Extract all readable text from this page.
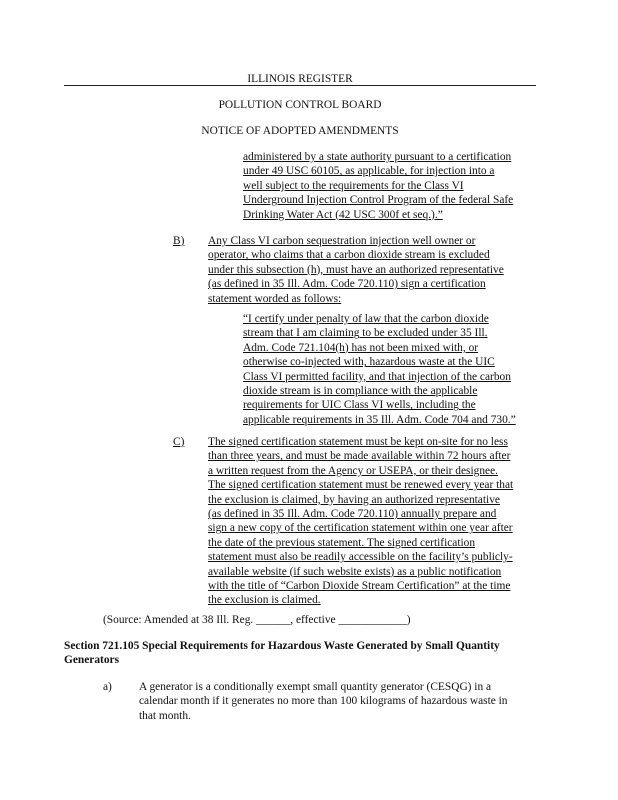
ILLINOIS REGISTER
POLLUTION CONTROL BOARD
NOTICE OF ADOPTED AMENDMENTS
administered by a state authority pursuant to a certification
under 49 USC 60105, as applicable, for injection into a
well subject to the requirements for the Class VI
Underground Injection Control Program of the federal Safe
Drinking Water Act (42 USC 300f et seq.).”
B) Any Class VI carbon sequestration injection well owner or
operator, who claims that a carbon dioxide stream is excluded
under this subsection (h), must have an authorized representative
(as defined in 35 Ill. Adm. Code 720.110) sign a certification
statement worded as follows:
“I certify under penalty of law that the carbon dioxide
stream that I am claiming to be excluded under 35 Ill.
Adm. Code 721.104(h) has not been mixed with, or
otherwise co-injected with, hazardous waste at the UIC
Class VI permitted facility, and that injection of the carbon
dioxide stream is in compliance with the applicable
requirements for UIC Class VI wells, including the
applicable requirements in 35 Ill. Adm. Code 704 and 730.”
C) The signed certification statement must be kept on-site for no less
than three years, and must be made available within 72 hours after
a written request from the Agency or USEPA, or their designee.
The signed certification statement must be renewed every year that
the exclusion is claimed, by having an authorized representative
(as defined in 35 Ill. Adm. Code 720.110) annually prepare and
sign a new copy of the certification statement within one year after
the date of the previous statement. The signed certification
statement must also be readily accessible on the facility’s publicly-
available website (if such website exists) as a public notification
with the title of “Carbon Dioxide Stream Certification” at the time
the exclusion is claimed.
(Source: Amended at 38 Ill. Reg. ______, effective ____________)
Section 721.105 Special Requirements for Hazardous Waste Generated by Small Quantity
Generators
a) A generator is a conditionally exempt small quantity generator (CESQG) in a
calendar month if it generates no more than 100 kilograms of hazardous waste in
that month.
